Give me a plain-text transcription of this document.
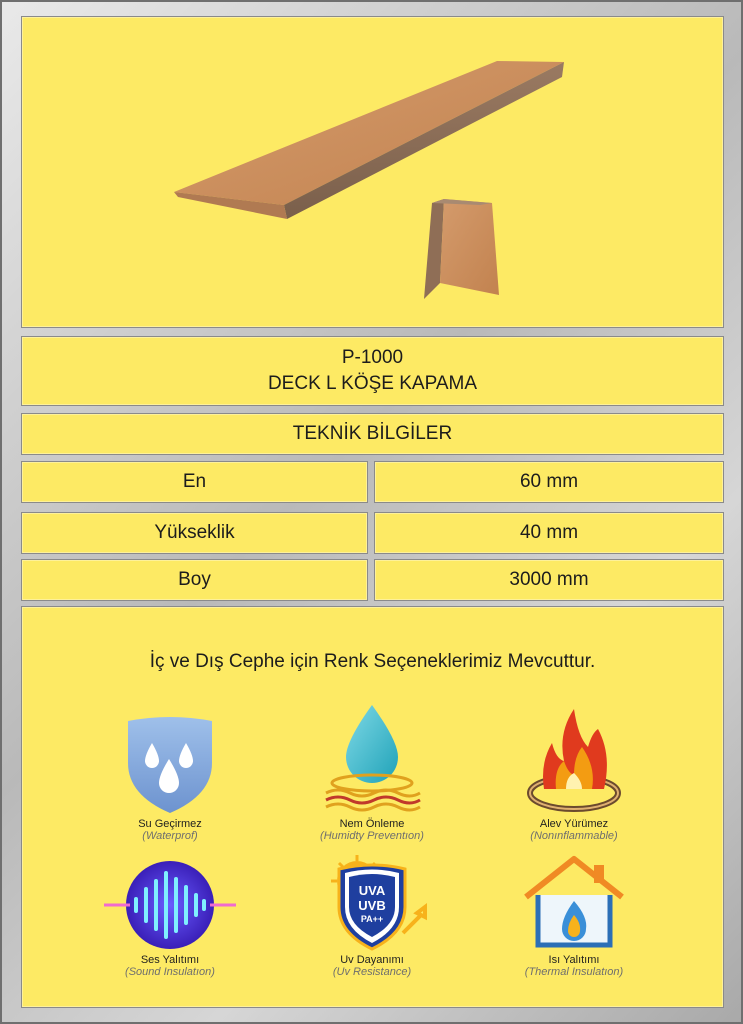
P-1000
DECK L KÖŞE KAPAMA
TEKNİK BİLGİLER
En	60 mm
Yükseklik	40 mm
Boy	3000 mm
İç ve Dış Cephe için Renk Seçeneklerimiz Mevcuttur.
Su Geçirmez
(Waterprof)
Nem Önleme
(Humidty Preventıon)
Alev Yürümez
(Nonınflammable)
Ses Yalıtımı
(Sound Insulatıon)
UVA
UVB
PA++
Uv Dayanımı
(Uv Resistance)
Isı Yalıtımı
(Thermal Insulatıon)
